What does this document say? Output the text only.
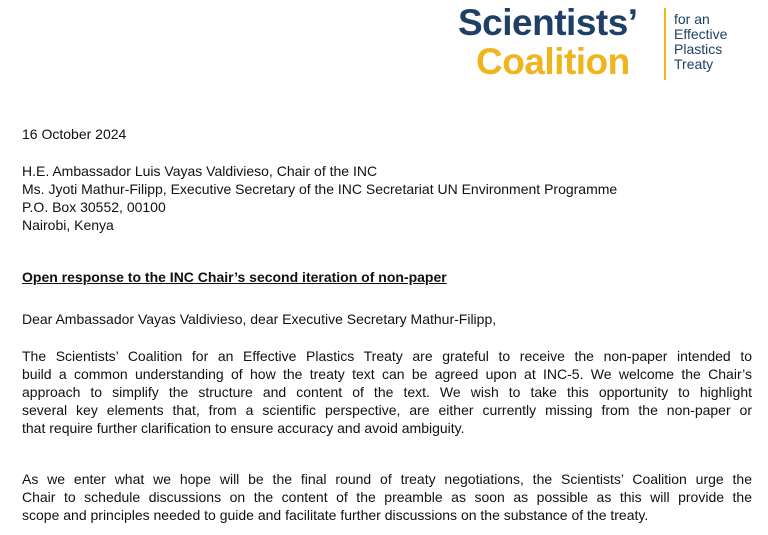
Scientists’
Coalition
for an
Effective
Plastics
Treaty
16 October 2024
H.E. Ambassador Luis Vayas Valdivieso, Chair of the INC
Ms. Jyoti Mathur-Filipp, Executive Secretary of the INC Secretariat UN Environment Programme
P.O. Box 30552, 00100
Nairobi, Kenya
Open response to the INC Chair’s second iteration of non-paper
Dear Ambassador Vayas Valdivieso, dear Executive Secretary Mathur-Filipp,
The Scientists’ Coalition for an Effective Plastics Treaty are grateful to receive the non-paper intended to
build a common understanding of how the treaty text can be agreed upon at INC-5. We welcome the Chair’s
approach to simplify the structure and content of the text. We wish to take this opportunity to highlight
several key elements that, from a scientific perspective, are either currently missing from the non-paper or
that require further clarification to ensure accuracy and avoid ambiguity.
As we enter what we hope will be the final round of treaty negotiations, the Scientists’ Coalition urge the
Chair to schedule discussions on the content of the preamble as soon as possible as this will provide the
scope and principles needed to guide and facilitate further discussions on the substance of the treaty.
